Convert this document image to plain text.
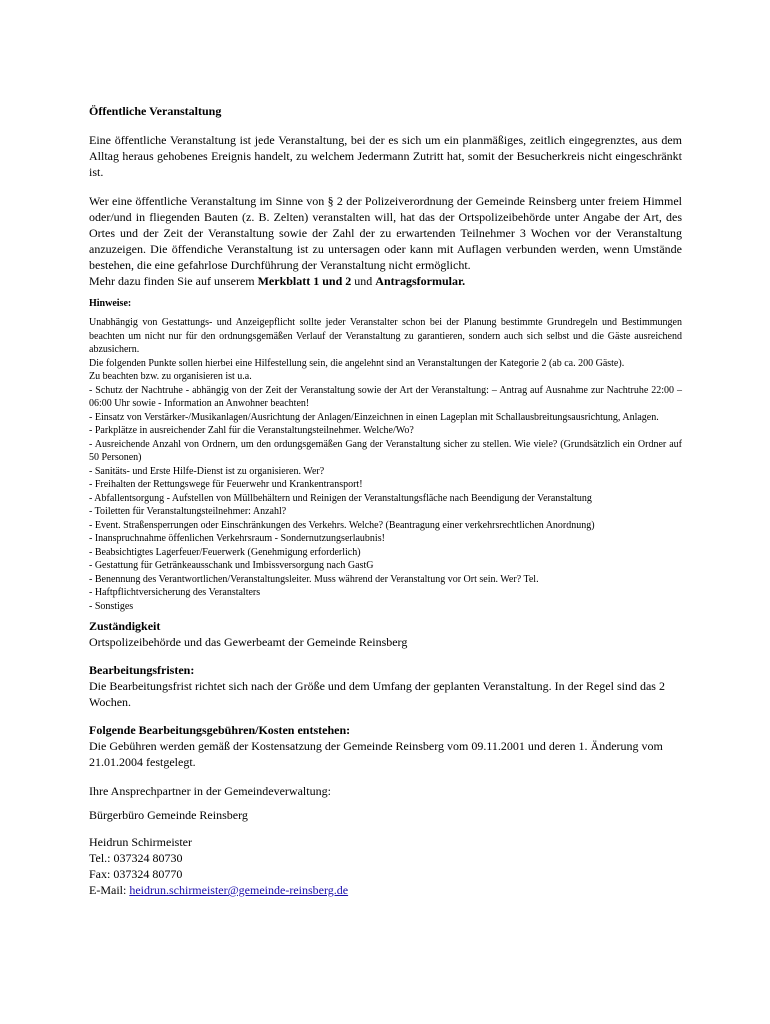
Öffentliche Veranstaltung

Eine öffentliche Veranstaltung ist jede Veranstaltung, bei der es sich um ein planmäßiges, zeitlich eingegrenztes, aus dem Alltag heraus gehobenes Ereignis handelt, zu welchem Jedermann Zutritt hat, somit der Besucherkreis nicht eingeschränkt ist.

Wer eine öffentliche Veranstaltung im Sinne von § 2 der Polizeiverordnung der Gemeinde Reinsberg unter freiem Himmel oder/und in fliegenden Bauten (z. B. Zelten) veranstalten will, hat das der Ortspolizeibehörde unter Angabe der Art, des Ortes und der Zeit der Veranstaltung sowie der Zahl der zu erwartenden Teilnehmer 3 Wochen vor der Veranstaltung anzuzeigen. Die öffendiche Veranstaltung ist zu untersagen oder kann mit Auflagen verbunden werden, wenn Umstände bestehen, die eine gefahrlose Durchführung der Veranstaltung nicht ermöglicht.

Mehr dazu finden Sie auf unserem Merkblatt 1 und 2 und Antragsformular.

Hinweise:

Unabhängig von Gestattungs- und Anzeigepflicht sollte jeder Veranstalter schon bei der Planung bestimmte Grundregeln und Bestimmungen beachten um nicht nur für den ordnungsgemäßen Verlauf der Veranstaltung zu garantieren, sondern auch sich selbst und die Gäste ausreichend abzusichern.

Die folgenden Punkte sollen hierbei eine Hilfestellung sein, die angelehnt sind an Veranstaltungen der Kategorie 2 (ab ca. 200 Gäste).

Zu beachten bzw. zu organisieren ist u.a.

- Schutz der Nachtruhe - abhängig von der Zeit der Veranstaltung sowie der Art der Veranstaltung: – Antrag auf Ausnahme zur Nachtruhe 22:00 – 06:00 Uhr sowie - Information an Anwohner beachten!

- Einsatz von Verstärker-/Musikanlagen/Ausrichtung der Anlagen/Einzeichnen in einen Lageplan mit Schallausbreitungsausrichtung, Anlagen.

- Parkplätze in ausreichender Zahl für die Veranstaltungsteilnehmer. Welche/Wo?

- Ausreichende Anzahl von Ordnern, um den ordungsgemäßen Gang der Veranstaltung sicher zu stellen. Wie viele? (Grundsätzlich ein Ordner auf 50 Personen)

- Sanitäts- und Erste Hilfe-Dienst ist zu organisieren. Wer?

- Freihalten der Rettungswege für Feuerwehr und Krankentransport!

- Abfallentsorgung - Aufstellen von Müllbehältern und Reinigen der Veranstaltungsfläche nach Beendigung der Veranstaltung

- Toiletten für Veranstaltungsteilnehmer: Anzahl?

- Event. Straßensperrungen oder Einschränkungen des Verkehrs. Welche? (Beantragung einer verkehrsrechtlichen Anordnung)

- Inanspruchnahme öffenlichen Verkehrsraum - Sondernutzungserlaubnis!

- Beabsichtigtes Lagerfeuer/Feuerwerk (Genehmigung erforderlich)

- Gestattung für Getränkeausschank und Imbissversorgung nach GastG

- Benennung des Verantwortlichen/Veranstaltungsleiter. Muss während der Veranstaltung vor Ort sein. Wer? Tel.

- Haftpflichtversicherung des Veranstalters

- Sonstiges

Zuständigkeit

Ortspolizeibehörde und das Gewerbeamt der Gemeinde Reinsberg

Bearbeitungsfristen:

Die Bearbeitungsfrist richtet sich nach der Größe und dem Umfang der geplanten Veranstaltung. In der Regel sind das 2 Wochen.

Folgende Bearbeitungsgebühren/Kosten entstehen:

Die Gebühren werden gemäß der Kostensatzung der Gemeinde Reinsberg vom 09.11.2001 und deren 1. Änderung vom 21.01.2004 festgelegt.

Ihre Ansprechpartner in der Gemeindeverwaltung:

Bürgerbüro Gemeinde Reinsberg

Heidrun Schirmeister

Tel.: 037324 80730

Fax: 037324 80770

E-Mail: heidrun.schirmeister@gemeinde-reinsberg.de
